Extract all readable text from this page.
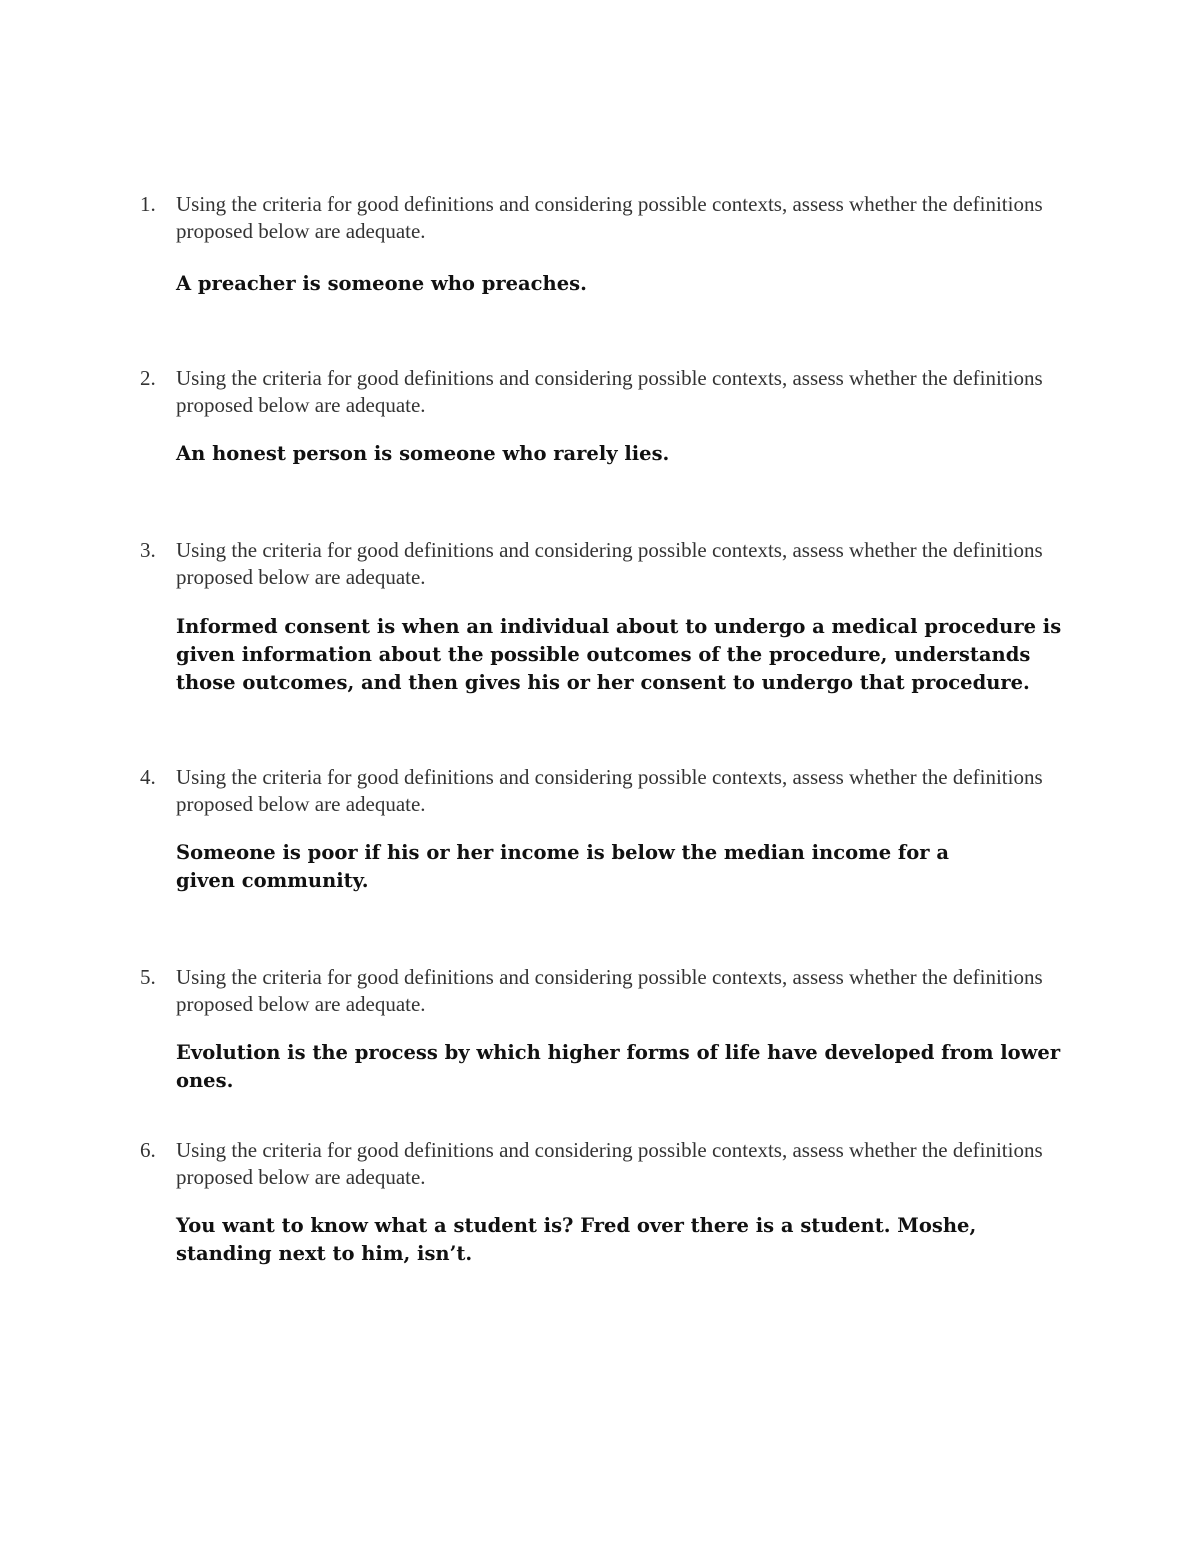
1. Using the criteria for good definitions and considering possible contexts, assess whether the definitions proposed below are adequate.
A preacher is someone who preaches.
2. Using the criteria for good definitions and considering possible contexts, assess whether the definitions proposed below are adequate.
An honest person is someone who rarely lies.
3. Using the criteria for good definitions and considering possible contexts, assess whether the definitions proposed below are adequate.
Informed consent is when an individual about to undergo a medical procedure is given information about the possible outcomes of the procedure, understands those outcomes, and then gives his or her consent to undergo that procedure.
4. Using the criteria for good definitions and considering possible contexts, assess whether the definitions proposed below are adequate.
Someone is poor if his or her income is below the median income for a given community.
5. Using the criteria for good definitions and considering possible contexts, assess whether the definitions proposed below are adequate.
Evolution is the process by which higher forms of life have developed from lower ones.
6. Using the criteria for good definitions and considering possible contexts, assess whether the definitions proposed below are adequate.
You want to know what a student is? Fred over there is a student. Moshe, standing next to him, isn’t.
